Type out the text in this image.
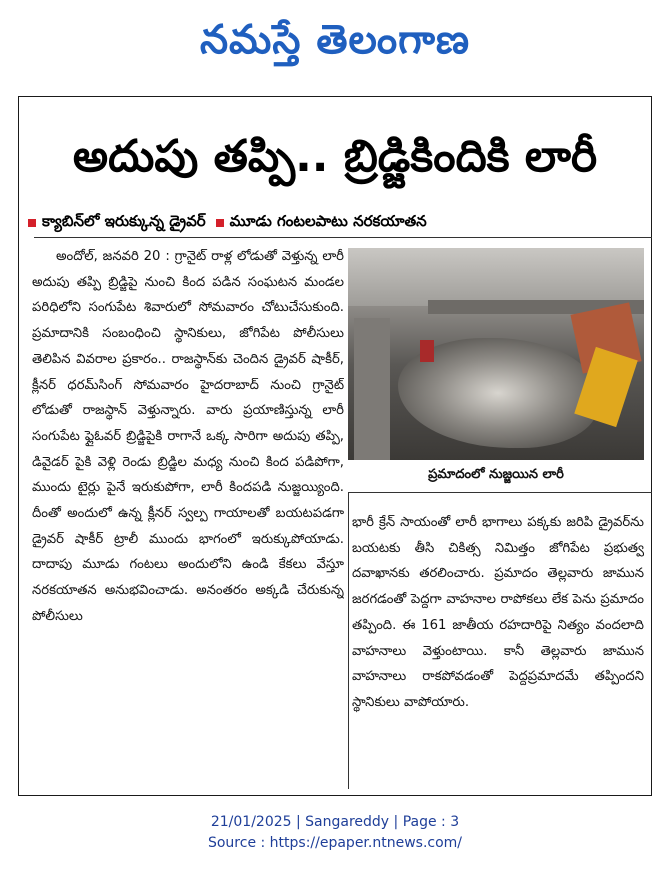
నమస్తే తెలంగాణ
అదుపు తప్పి.. బ్రిడ్జికిందికి లారీ
క్యాబిన్‌లో ఇరుక్కున్న డ్రైవర్ మూడు గంటలపాటు నరకయాతన

అందోల్, జనవరి 20 : గ్రానైట్ రాళ్ల లోడుతో వెళ్తున్న లారీ అదుపు తప్పి బ్రిడ్జిపై నుంచి కింద పడిన సంఘటన మండల పరిధిలోని సంగుపేట శివారులో సోమవారం చోటుచేసుకుంది. ప్రమాదానికి సంబంధించి స్థానికులు, జోగిపేట పోలీసులు తెలిపిన వివరాల ప్రకారం.. రాజస్థాన్‌కు చెందిన డ్రైవర్ షాకీర్, క్లీనర్ ధరమ్‌సింగ్ సోమవారం హైదరాబాద్ నుంచి గ్రానైట్ లోడుతో రాజస్థాన్ వెళ్తున్నారు. వారు ప్రయాణిస్తున్న లారీ సంగుపేట ఫ్లైఓవర్ బ్రిడ్జిపైకి రాగానే ఒక్క సారిగా అదుపు తప్పి, డివైడర్ పైకి వెళ్లి రెండు బ్రిడ్జిల మధ్య నుంచి కింద పడిపోగా, ముందు టైర్లు పైనే ఇరుకుపోగా, లారీ కిందపడి నుజ్జయ్యింది. దీంతో అందులో ఉన్న క్లీనర్ స్వల్ప గాయాలతో బయటపడగా డ్రైవర్ షాకీర్ ట్రాలీ ముందు భాగంలో ఇరుక్కుపోయాడు. దాదాపు మూడు గంటలు అందులోని ఉండి కేకలు వేస్తూ నరకయాతన అనుభవించాడు. అనంతరం అక్కడి చేరుకున్న పోలీసులు

ప్రమాదంలో నుజ్జయిన లారీ

భారీ క్రేన్ సాయంతో లారీ భాగాలు పక్కకు జరిపి డ్రైవర్‌ను బయటకు తీసి చికిత్స నిమిత్తం జోగిపేట ప్రభుత్వ దవాఖానకు తరలించారు. ప్రమాదం తెల్లవారు జామున జరగడంతో పెద్దగా వాహనాల రాపోకలు లేక పెను ప్రమాదం తప్పింది. ఈ 161 జాతీయ రహదారిపై నిత్యం వందలాది వాహనాలు వెళ్తుంటాయి. కానీ తెల్లవారు జామున వాహనాలు రాకపోవడంతో పెద్దప్రమాదమే తప్పిందని స్థానికులు వాపోయారు.

21/01/2025 | Sangareddy | Page : 3
Source : https://epaper.ntnews.com/
